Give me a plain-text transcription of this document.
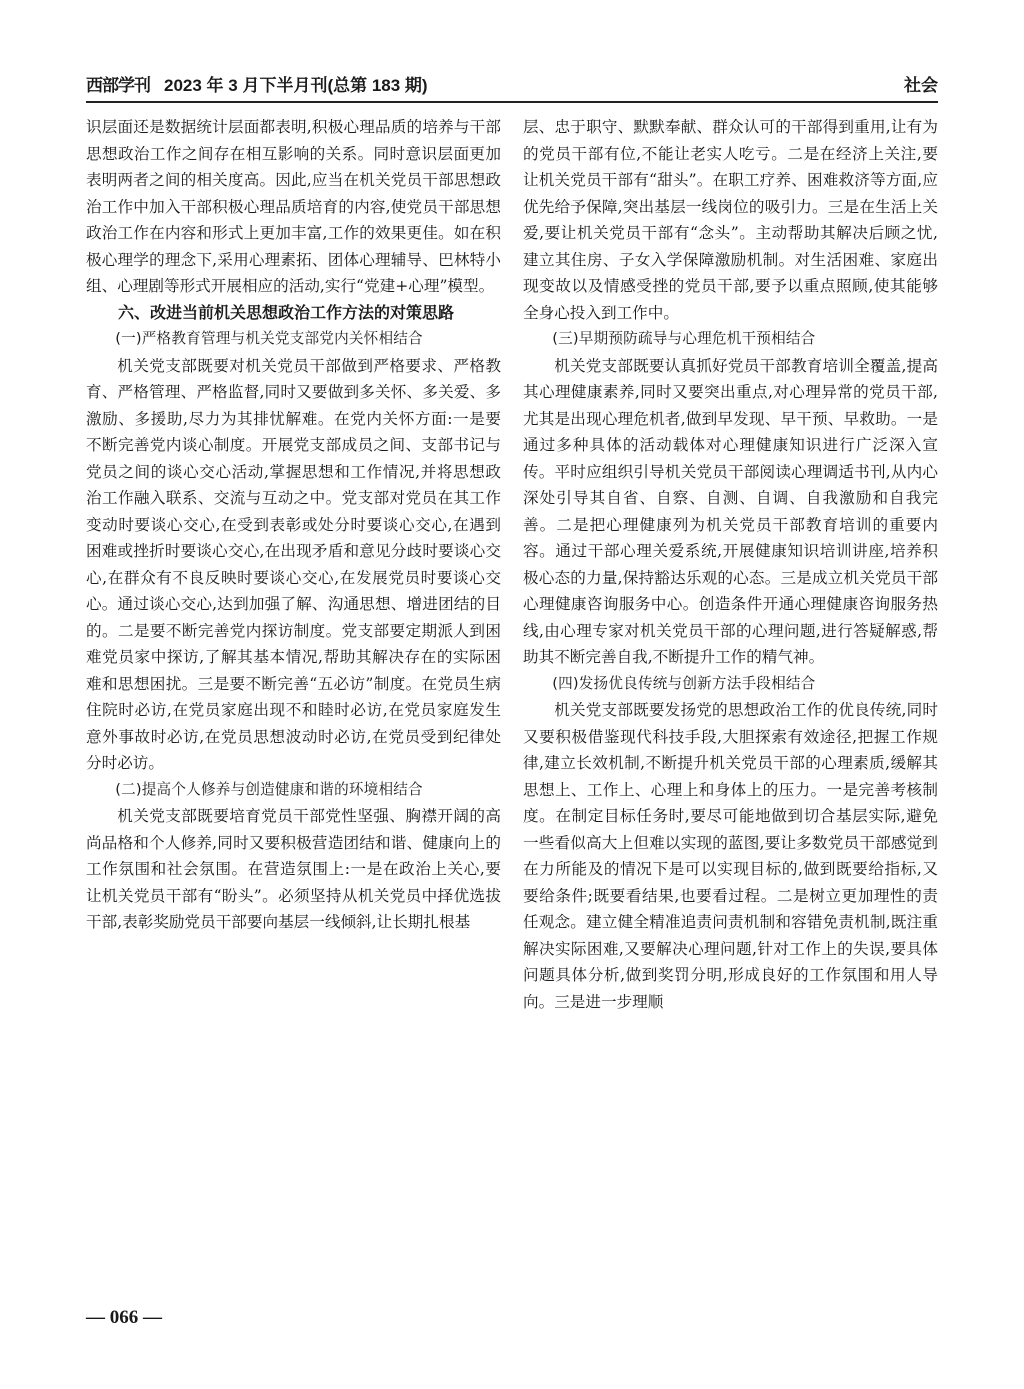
西部学刊 2023 年 3 月下半月刊(总第 183 期)	社会

识层面还是数据统计层面都表明,积极心理品质的培养与干部思想政治工作之间存在相互影响的关系。同时意识层面更加表明两者之间的相关度高。因此,应当在机关党员干部思想政治工作中加入干部积极心理品质培育的内容,使党员干部思想政治工作在内容和形式上更加丰富,工作的效果更佳。如在积极心理学的理念下,采用心理素拓、团体心理辅导、巴林特小组、心理剧等形式开展相应的活动,实行“党建+心理”模型。

六、改进当前机关思想政治工作方法的对策思路

(一)严格教育管理与机关党支部党内关怀相结合

机关党支部既要对机关党员干部做到严格要求、严格教育、严格管理、严格监督,同时又要做到多关怀、多关爱、多激励、多援助,尽力为其排忧解难。在党内关怀方面:一是要不断完善党内谈心制度。开展党支部成员之间、支部书记与党员之间的谈心交心活动,掌握思想和工作情况,并将思想政治工作融入联系、交流与互动之中。党支部对党员在其工作变动时要谈心交心,在受到表彰或处分时要谈心交心,在遇到困难或挫折时要谈心交心,在出现矛盾和意见分歧时要谈心交心,在群众有不良反映时要谈心交心,在发展党员时要谈心交心。通过谈心交心,达到加强了解、沟通思想、增进团结的目的。二是要不断完善党内探访制度。党支部要定期派人到困难党员家中探访,了解其基本情况,帮助其解决存在的实际困难和思想困扰。三是要不断完善“五必访”制度。在党员生病住院时必访,在党员家庭出现不和睦时必访,在党员家庭发生意外事故时必访,在党员思想波动时必访,在党员受到纪律处分时必访。

(二)提高个人修养与创造健康和谐的环境相结合

机关党支部既要培育党员干部党性坚强、胸襟开阔的高尚品格和个人修养,同时又要积极营造团结和谐、健康向上的工作氛围和社会氛围。在营造氛围上:一是在政治上关心,要让机关党员干部有“盼头”。必须坚持从机关党员中择优选拔干部,表彰奖励党员干部要向基层一线倾斜,让长期扎根基

层、忠于职守、默默奉献、群众认可的干部得到重用,让有为的党员干部有位,不能让老实人吃亏。二是在经济上关注,要让机关党员干部有“甜头”。在职工疗养、困难救济等方面,应优先给予保障,突出基层一线岗位的吸引力。三是在生活上关爱,要让机关党员干部有“念头”。主动帮助其解决后顾之忧,建立其住房、子女入学保障激励机制。对生活困难、家庭出现变故以及情感受挫的党员干部,要予以重点照顾,使其能够全身心投入到工作中。

(三)早期预防疏导与心理危机干预相结合

机关党支部既要认真抓好党员干部教育培训全覆盖,提高其心理健康素养,同时又要突出重点,对心理异常的党员干部,尤其是出现心理危机者,做到早发现、早干预、早救助。一是通过多种具体的活动载体对心理健康知识进行广泛深入宣传。平时应组织引导机关党员干部阅读心理调适书刊,从内心深处引导其自省、自察、自测、自调、自我激励和自我完善。二是把心理健康列为机关党员干部教育培训的重要内容。通过干部心理关爱系统,开展健康知识培训讲座,培养积极心态的力量,保持豁达乐观的心态。三是成立机关党员干部心理健康咨询服务中心。创造条件开通心理健康咨询服务热线,由心理专家对机关党员干部的心理问题,进行答疑解惑,帮助其不断完善自我,不断提升工作的精气神。

(四)发扬优良传统与创新方法手段相结合

机关党支部既要发扬党的思想政治工作的优良传统,同时又要积极借鉴现代科技手段,大胆探索有效途径,把握工作规律,建立长效机制,不断提升机关党员干部的心理素质,缓解其思想上、工作上、心理上和身体上的压力。一是完善考核制度。在制定目标任务时,要尽可能地做到切合基层实际,避免一些看似高大上但难以实现的蓝图,要让多数党员干部感觉到在力所能及的情况下是可以实现目标的,做到既要给指标,又要给条件;既要看结果,也要看过程。二是树立更加理性的责任观念。建立健全精准追责问责机制和容错免责机制,既注重解决实际困难,又要解决心理问题,针对工作上的失误,要具体问题具体分析,做到奖罚分明,形成良好的工作氛围和用人导向。三是进一步理顺

— 066 —
